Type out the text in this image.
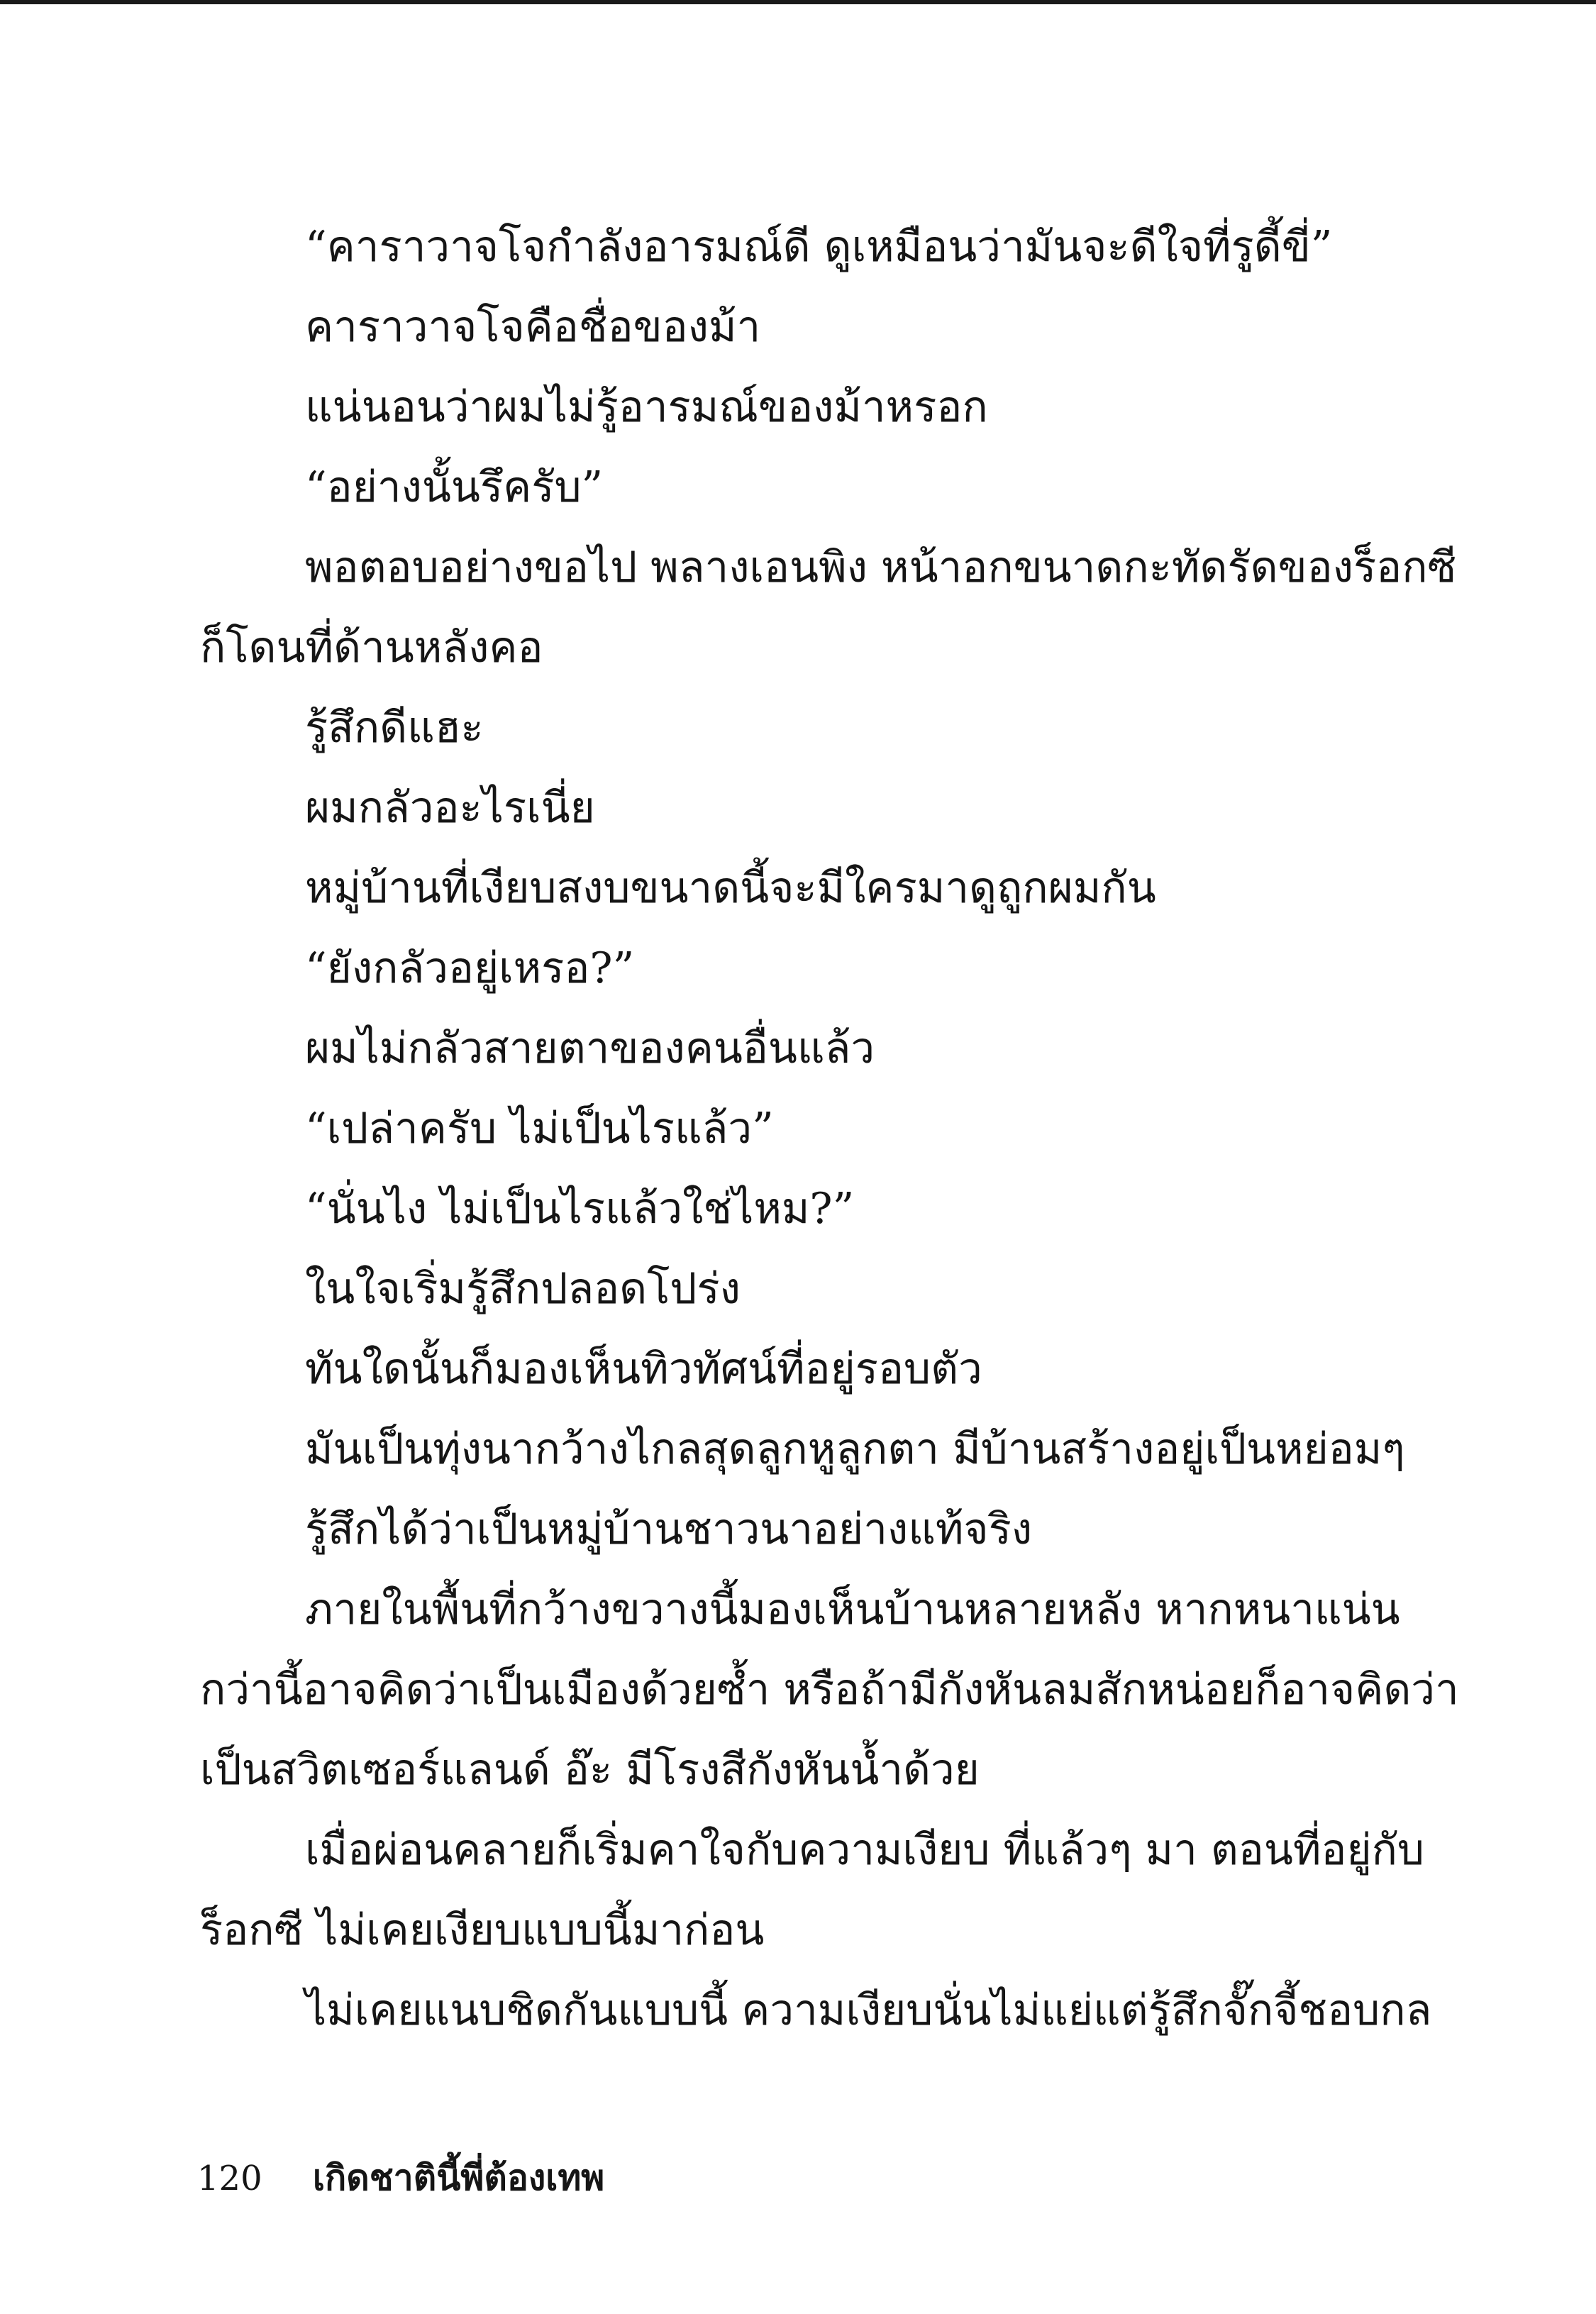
“คาราวาจโจกำลังอารมณ์ดี ดูเหมือนว่ามันจะดีใจที่รูดี้ขี่”
คาราวาจโจคือชื่อของม้า
แน่นอนว่าผมไม่รู้อารมณ์ของม้าหรอก
“อย่างนั้นรึครับ”
พอตอบอย่างขอไป พลางเอนพิง หน้าอกขนาดกะทัดรัดของร็อกซี
ก็โดนที่ด้านหลังคอ
รู้สึกดีแฮะ
ผมกลัวอะไรเนี่ย
หมู่บ้านที่เงียบสงบขนาดนี้จะมีใครมาดูถูกผมกัน
“ยังกลัวอยู่เหรอ?”
ผมไม่กลัวสายตาของคนอื่นแล้ว
“เปล่าครับ ไม่เป็นไรแล้ว”
“นั่นไง ไม่เป็นไรแล้วใช่ไหม?”
ในใจเริ่มรู้สึกปลอดโปร่ง
ทันใดนั้นก็มองเห็นทิวทัศน์ที่อยู่รอบตัว
มันเป็นทุ่งนากว้างไกลสุดลูกหูลูกตา มีบ้านสร้างอยู่เป็นหย่อมๆ
รู้สึกได้ว่าเป็นหมู่บ้านชาวนาอย่างแท้จริง
ภายในพื้นที่กว้างขวางนี้มองเห็นบ้านหลายหลัง หากหนาแน่น
กว่านี้อาจคิดว่าเป็นเมืองด้วยซ้ำ หรือถ้ามีกังหันลมสักหน่อยก็อาจคิดว่า
เป็นสวิตเซอร์แลนด์ อ๊ะ มีโรงสีกังหันน้ำด้วย
เมื่อผ่อนคลายก็เริ่มคาใจกับความเงียบ ที่แล้วๆ มา ตอนที่อยู่กับ
ร็อกซี ไม่เคยเงียบแบบนี้มาก่อน
ไม่เคยแนบชิดกันแบบนี้ ความเงียบนั่นไม่แย่แต่รู้สึกจั๊กจี้ชอบกล
120 เกิดชาตินี้พี่ต้องเทพ
